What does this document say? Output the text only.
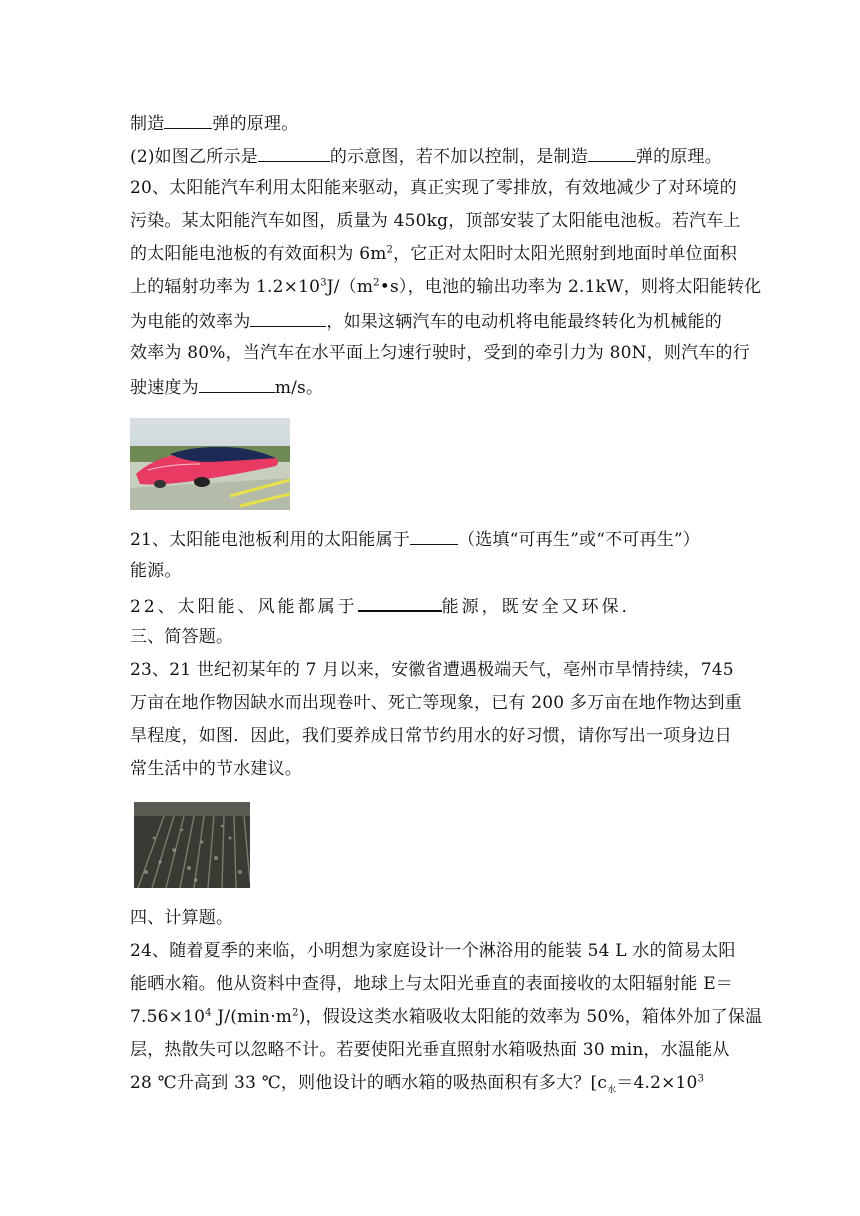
制造	弹的原理。
(2)如图乙所示是	的示意图，若不加以控制，是制造	弹的原理。
20、太阳能汽车利用太阳能来驱动，真正实现了零排放，有效地减少了对环境的
污染。某太阳能汽车如图，质量为 450kg，顶部安装了太阳能电池板。若汽车上
的太阳能电池板的有效面积为 $6m^2$，它正对太阳时太阳光照射到地面时单位面积
上的辐射功率为 $1.2\times 10^3J/(m^2•s)$，电池的输出功率为 2.1kW，则将太阳能转化
为电能的效率为	，如果这辆汽车的电动机将电能最终转化为机械能的
效率为 80%，当汽车在水平面上匀速行驶时，受到的牵引力为 80N，则汽车的行
驶速度为	m/s。
21、太阳能电池板利用的太阳能属于	（选填“可再生”或“不可再生”）
能源。
22、太阳能、风能都属于	能源，既安全又环保．
三、简答题。
23、21 世纪初某年的 7 月以来，安徽省遭遇极端天气，亳州市旱情持续，745
万亩在地作物因缺水而出现卷叶、死亡等现象，已有 200 多万亩在地作物达到重
旱程度，如图．因此，我们要养成日常节约用水的好习惯，请你写出一项身边日
常生活中的节水建议。
四、计算题。
24、随着夏季的来临，小明想为家庭设计一个淋浴用的能装 54 L 水的简易太阳
能晒水箱。他从资料中查得，地球上与太阳光垂直的表面接收的太阳辐射能 E＝
$7.56\times 10^4$ $J/(\min\cdot m^2)$，假设这类水箱吸收太阳能的效率为 50%，箱体外加了保温
层，热散失可以忽略不计。若要使阳光垂直照射水箱吸热面 30 min，水温能从
28 ℃升高到 33 ℃，则他设计的晒水箱的吸热面积有多大？[$c_水=4.2\times 10^3$
